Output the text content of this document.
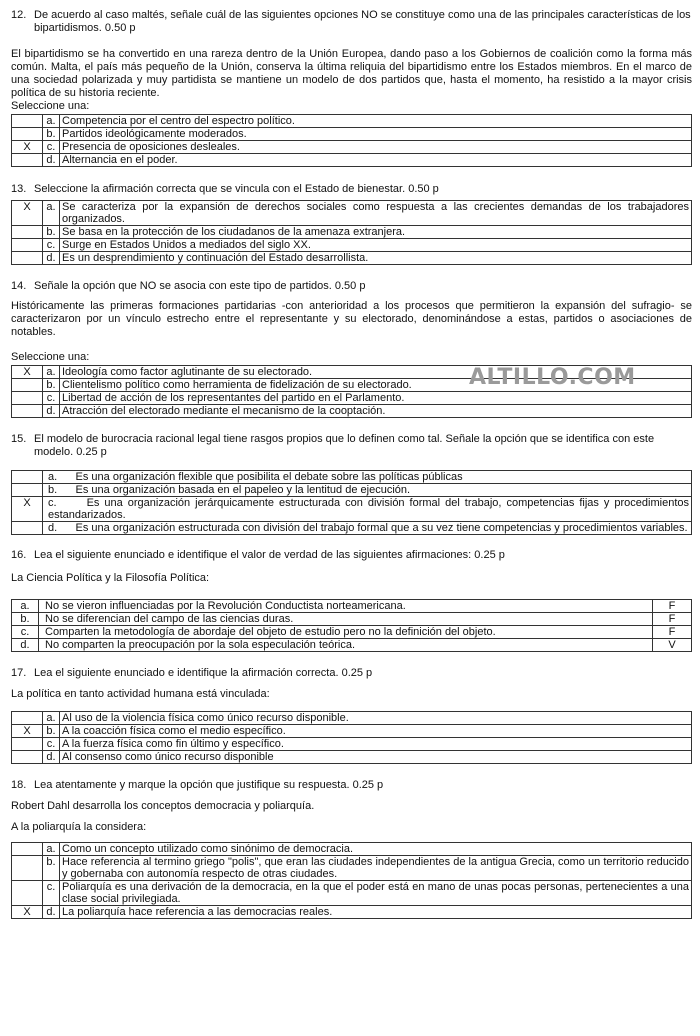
12. De acuerdo al caso maltés, señale cuál de las siguientes opciones NO se constituye como una de las principales características de los bipartidismos. 0.50 p

El bipartidismo se ha convertido en una rareza dentro de la Unión Europea, dando paso a los Gobiernos de coalición como la forma más común. Malta, el país más pequeño de la Unión, conserva la última reliquia del bipartidismo entre los Estados miembros. En el marco de una sociedad polarizada y muy partidista se mantiene un modelo de dos partidos que, hasta el momento, ha resistido a la mayor crisis política de su historia reciente.

Seleccione una:

	a.	Competencia por el centro del espectro político.
	b.	Partidos ideológicamente moderados.
X	c.	Presencia de oposiciones desleales.
	d.	Alternancia en el poder.

13. Seleccione la afirmación correcta que se vincula con el Estado de bienestar. 0.50 p

X	a.	Se caracteriza por la expansión de derechos sociales como respuesta a las crecientes demandas de los trabajadores organizados.
	b.	Se basa en la protección de los ciudadanos de la amenaza extranjera.
	c.	Surge en Estados Unidos a mediados del siglo XX.
	d.	Es un desprendimiento y continuación del Estado desarrollista.

14. Señale la opción que NO se asocia con este tipo de partidos. 0.50 p

Históricamente las primeras formaciones partidarias -con anterioridad a los procesos que permitieron la expansión del sufragio- se caracterizaron por un vínculo estrecho entre el representante y su electorado, denominándose a estas, partidos o asociaciones de notables.

Seleccione una:

X	a.	Ideología como factor aglutinante de su electorado.
	b.	Clientelismo político como herramienta de fidelización de su electorado.
	c.	Libertad de acción de los representantes del partido en el Parlamento.
	d.	Atracción del electorado mediante el mecanismo de la cooptación.

15. El modelo de burocracia racional legal tiene rasgos propios que lo definen como tal. Señale la opción que se identifica con este modelo. 0.25 p

	a. Es una organización flexible que posibilita el debate sobre las políticas públicas
	b. Es una organización basada en el papeleo y la lentitud de ejecución.
X	c. Es una organización jerárquicamente estructurada con división formal del trabajo, competencias fijas y procedimientos estandarizados.
	d. Es una organización estructurada con división del trabajo formal que a su vez tiene competencias y procedimientos variables.

16. Lea el siguiente enunciado e identifique el valor de verdad de las siguientes afirmaciones: 0.25 p

La Ciencia Política y la Filosofía Política:

a.	No se vieron influenciadas por la Revolución Conductista norteamericana.	F
b.	No se diferencian del campo de las ciencias duras.	F
c.	Comparten la metodología de abordaje del objeto de estudio pero no la definición del objeto.	F
d.	No comparten la preocupación por la sola especulación teórica.	V

17. Lea el siguiente enunciado e identifique la afirmación correcta. 0.25 p

La política en tanto actividad humana está vinculada:

	a.	Al uso de la violencia física como único recurso disponible.
X	b.	A la coacción física como el medio específico.
	c.	A la fuerza física como fin último y específico.
	d.	Al consenso como único recurso disponible

18. Lea atentamente y marque la opción que justifique su respuesta. 0.25 p

Robert Dahl desarrolla los conceptos democracia y poliarquía.

A la poliarquía la considera:

	a.	Como un concepto utilizado como sinónimo de democracia.
	b.	Hace referencia al termino griego "polis", que eran las ciudades independientes de la antigua Grecia, como un territorio reducido y gobernaba con autonomía respecto de otras ciudades.
	c.	Poliarquía es una derivación de la democracia, en la que el poder está en mano de unas pocas personas, pertenecientes a una clase social privilegiada.
X	d.	La poliarquía hace referencia a las democracias reales.
ALTILLO.COM
